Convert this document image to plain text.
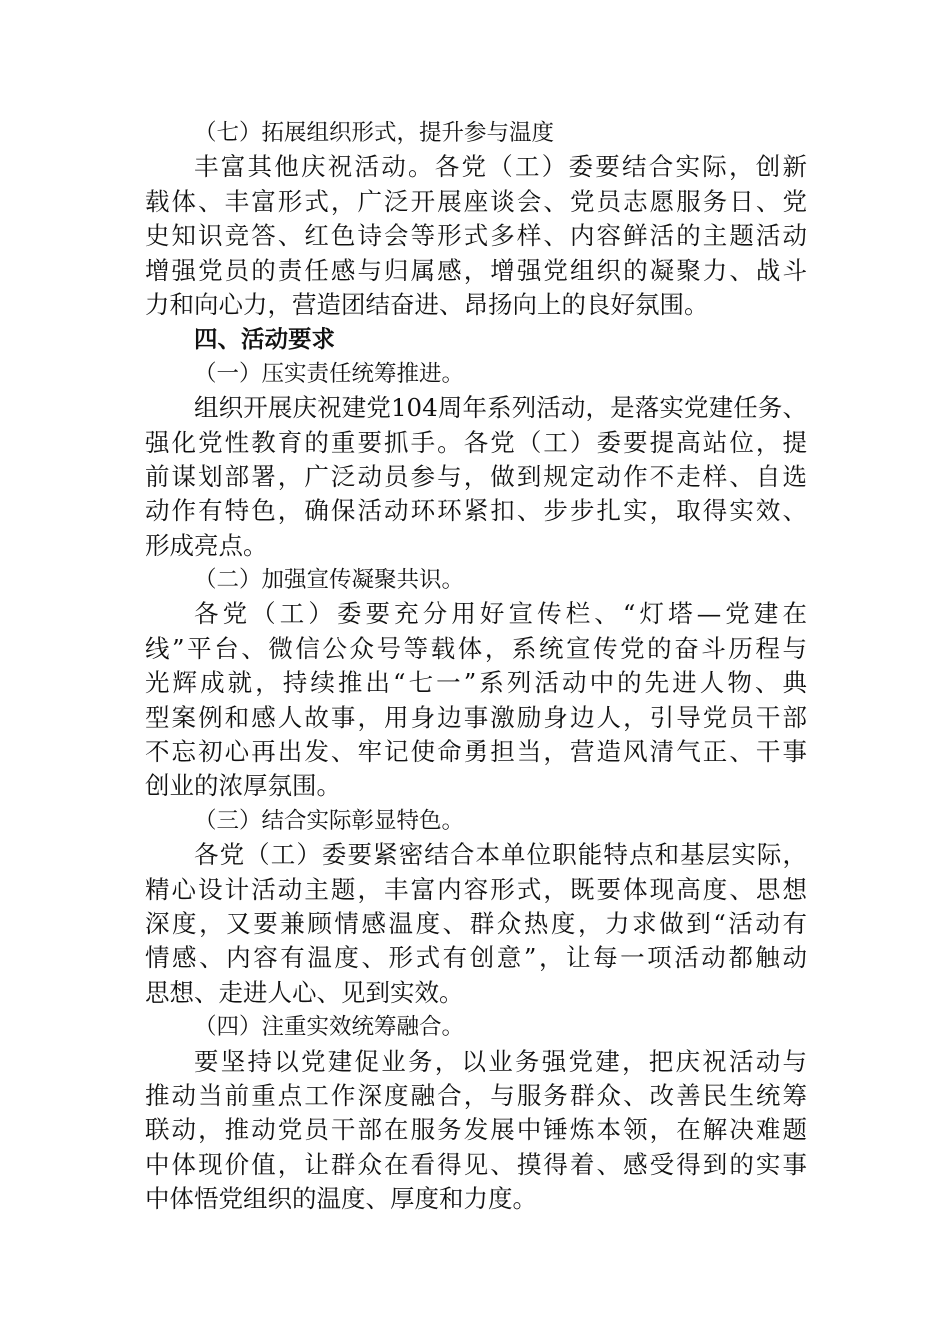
（七）拓展组织形式，提升参与温度
丰富其他庆祝活动。各党（工）委要结合实际，创新
载体、丰富形式，广泛开展座谈会、党员志愿服务日、党
史知识竞答、红色诗会等形式多样、内容鲜活的主题活动
增强党员的责任感与归属感，增强党组织的凝聚力、战斗
力和向心力，营造团结奋进、昂扬向上的良好氛围。
四、活动要求
（一）压实责任统筹推进。
组织开展庆祝建党104周年系列活动，是落实党建任务、
强化党性教育的重要抓手。各党（工）委要提高站位，提
前谋划部署，广泛动员参与，做到规定动作不走样、自选
动作有特色，确保活动环环紧扣、步步扎实，取得实效、
形成亮点。
（二）加强宣传凝聚共识。
各党（工）委要充分用好宣传栏、“灯塔—党建在
线”平台、微信公众号等载体，系统宣传党的奋斗历程与
光辉成就，持续推出“七一”系列活动中的先进人物、典
型案例和感人故事，用身边事激励身边人，引导党员干部
不忘初心再出发、牢记使命勇担当，营造风清气正、干事
创业的浓厚氛围。
（三）结合实际彰显特色。
各党（工）委要紧密结合本单位职能特点和基层实际，
精心设计活动主题，丰富内容形式，既要体现高度、思想
深度，又要兼顾情感温度、群众热度，力求做到“活动有
情感、内容有温度、形式有创意”，让每一项活动都触动
思想、走进人心、见到实效。
（四）注重实效统筹融合。
要坚持以党建促业务，以业务强党建，把庆祝活动与
推动当前重点工作深度融合，与服务群众、改善民生统筹
联动，推动党员干部在服务发展中锤炼本领，在解决难题
中体现价值，让群众在看得见、摸得着、感受得到的实事
中体悟党组织的温度、厚度和力度。
